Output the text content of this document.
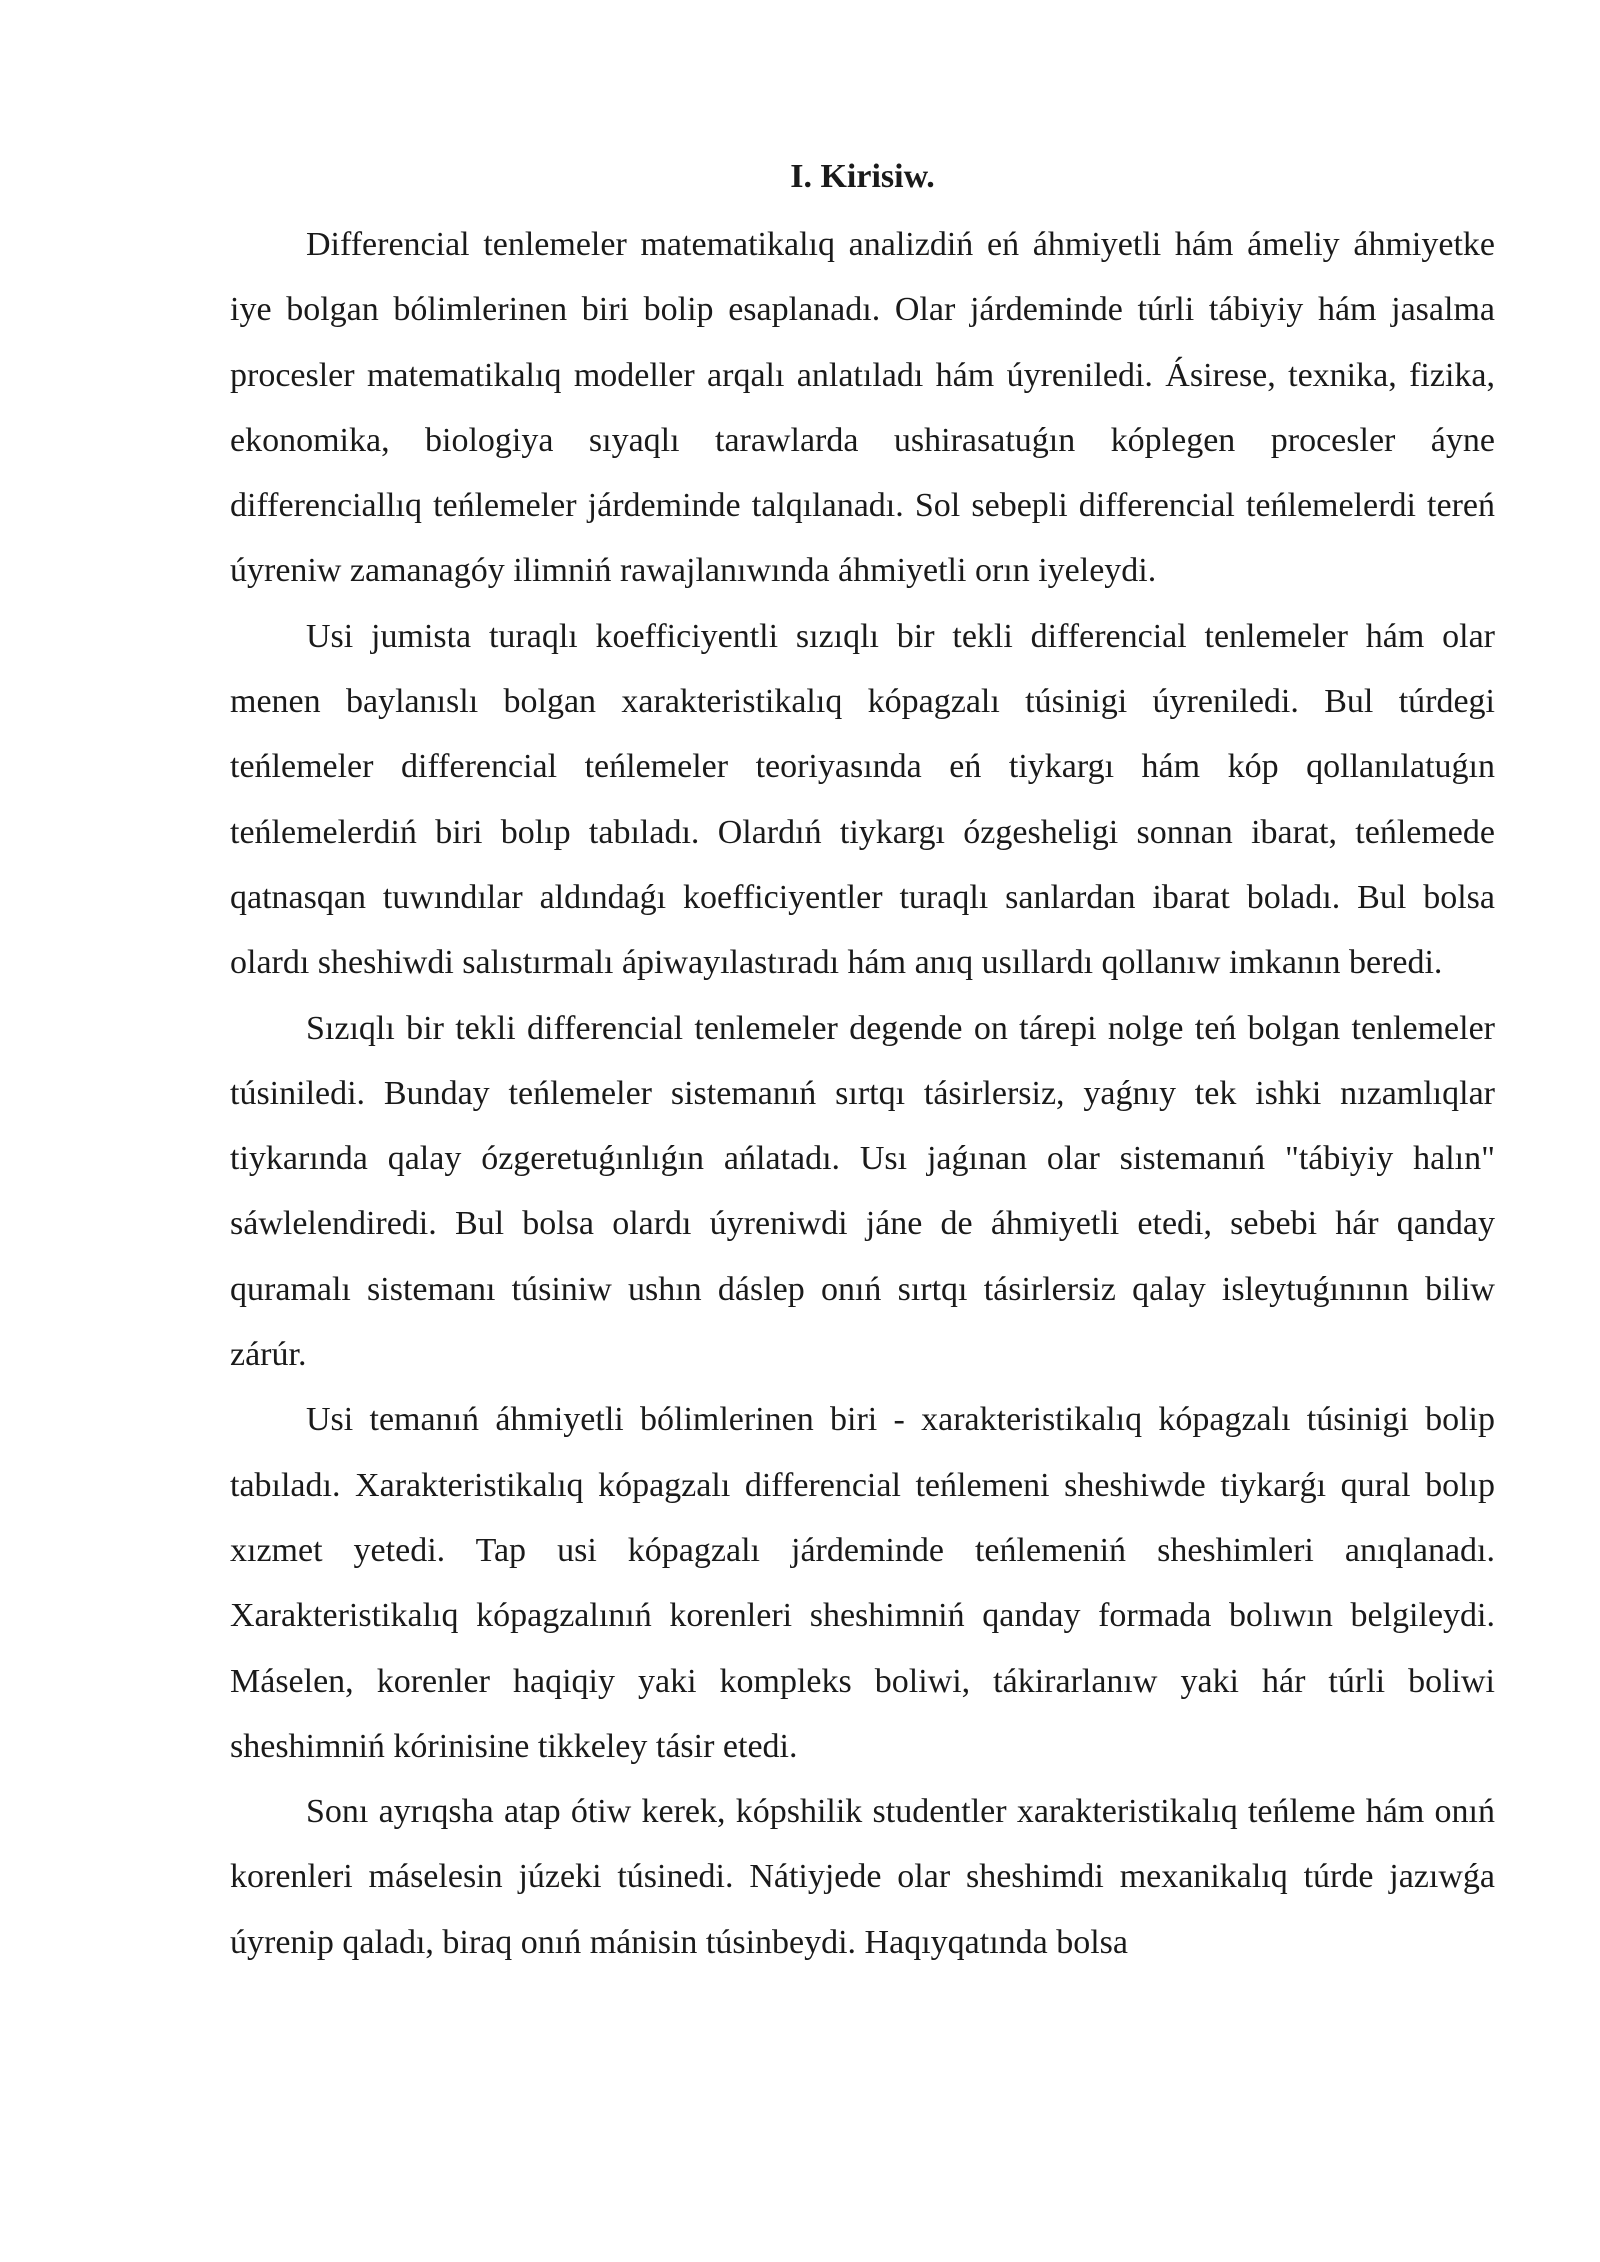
I. Kirisiw.

Differencial tenlemeler matematikalıq analizdiń eń áhmiyetli hám ámeliy áhmiyetke iye bolgan bólimlerinen biri bolip esaplanadı. Olar járdeminde túrli tábiyiy hám jasalma procesler matematikalıq modeller arqalı anlatıladı hám úyreniledi. Ásirese, texnika, fizika, ekonomika, biologiya sıyaqlı tarawlarda ushirasatuǵın kóplegen procesler áyne differenciallıq teńlemeler járdeminde talqılanadı. Sol sebepli differencial teńlemelerdi tereń úyreniw zamanagóy ilimniń rawajlanıwında áhmiyetli orın iyeleydi.

Usi jumista turaqlı koefficiyentli sızıqlı bir tekli differencial tenlemeler hám olar menen baylanıslı bolgan xarakteristikalıq kópagzalı túsinigi úyreniledi. Bul túrdegi teńlemeler differencial teńlemeler teoriyasında eń tiykargı hám kóp qollanılatuǵın teńlemelerdiń biri bolıp tabıladı. Olardıń tiykargı ózgesheligi sonnan ibarat, teńlemede qatnasqan tuwındılar aldındaǵı koefficiyentler turaqlı sanlardan ibarat boladı. Bul bolsa olardı sheshiwdi salıstırmalı ápiwayılastıradı hám anıq usıllardı qollanıw imkanın beredi.

Sızıqlı bir tekli differencial tenlemeler degende on tárepi nolge teń bolgan tenlemeler túsiniledi. Bunday teńlemeler sistemanıń sırtqı tásirlersiz, yaǵnıy tek ishki nızamlıqlar tiykarında qalay ózgeretuǵınlıǵın ańlatadı. Usı jaǵınan olar sistemanıń "tábiyiy halın" sáwlelendiredi. Bul bolsa olardı úyreniwdi jáne de áhmiyetli etedi, sebebi hár qanday quramalı sistemanı túsiniw ushın dáslep onıń sırtqı tásirlersiz qalay isleytuǵınının biliw zárúr.

Usi temanıń áhmiyetli bólimlerinen biri - xarakteristikalıq kópagzalı túsinigi bolip tabıladı. Xarakteristikalıq kópagzalı differencial teńlemeni sheshiwde tiykarǵı qural bolıp xızmet yetedi. Tap usi kópagzalı járdeminde teńlemeniń sheshimleri anıqlanadı. Xarakteristikalıq kópagzalınıń korenleri sheshimniń qanday formada bolıwın belgileydi. Máselen, korenler haqiqiy yaki kompleks boliwi, tákirarlanıw yaki hár túrli boliwi sheshimniń kórinisine tikkeley tásir etedi.

Sonı ayrıqsha atap ótiw kerek, kópshilik studentler xarakteristikalıq teńleme hám onıń korenleri máselesin júzeki túsinedi. Nátiyjede olar sheshimdi mexanikalıq túrde jazıwǵa úyrenip qaladı, biraq onıń mánisin túsinbeydi. Haqıyqatında bolsa
